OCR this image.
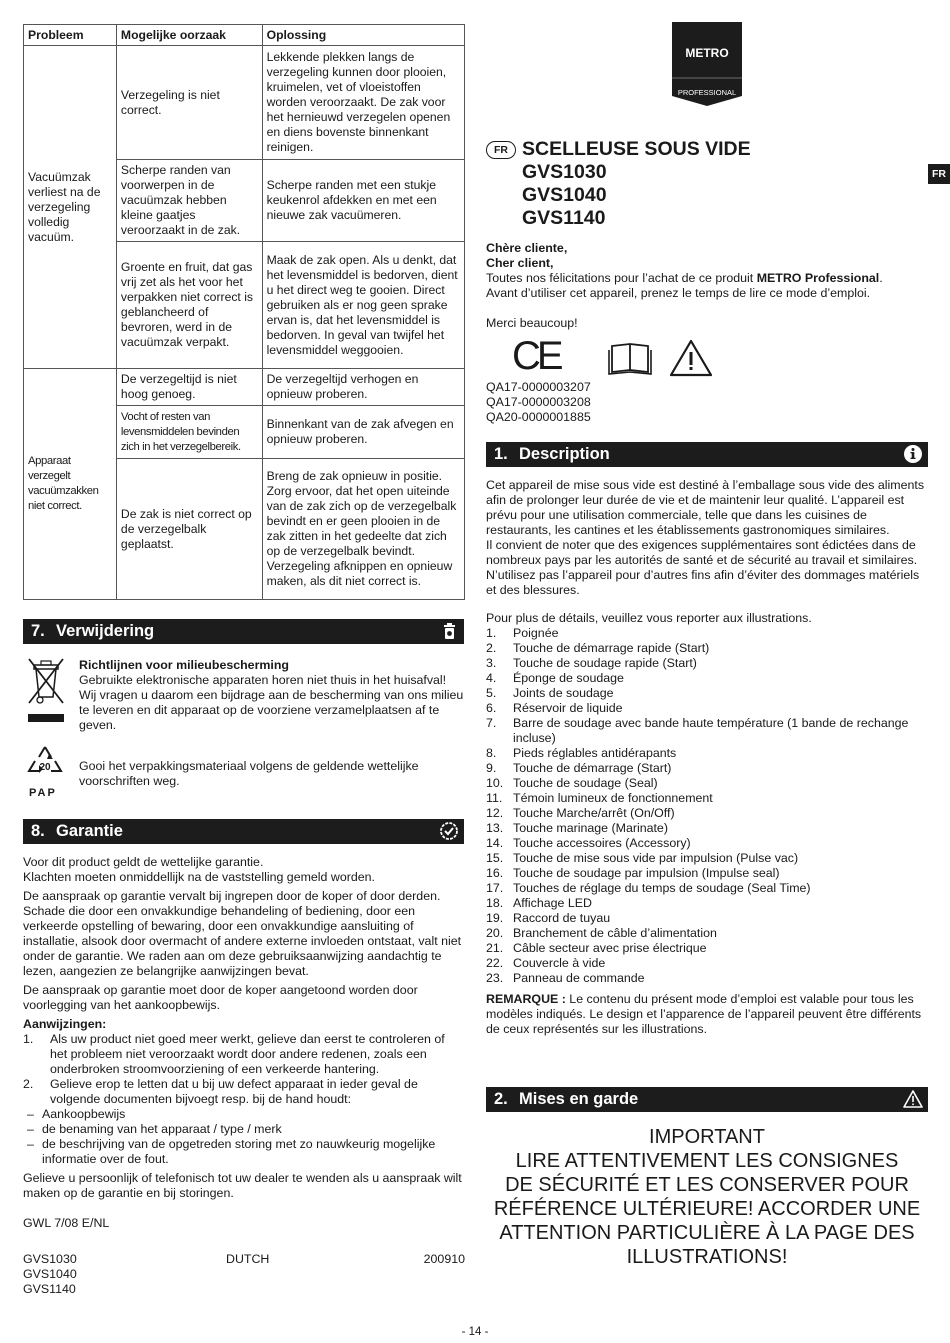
Probleem	Mogelijke oorzaak	Oplossing
Vacuümzak verliest na de verzegeling volledig vacuüm.	Verzegeling is niet correct.	Lekkende plekken langs de verzegeling kunnen door plooien, kruimelen, vet of vloeistoffen worden veroorzaakt. De zak voor het hernieuwd verzegelen openen en diens bovenste binnenkant reinigen.
	Scherpe randen van voorwerpen in de vacuümzak hebben kleine gaatjes veroorzaakt in de zak.	Scherpe randen met een stukje keukenrol afdekken en met een nieuwe zak vacuümeren.
	Groente en fruit, dat gas vrij zet als het voor het verpakken niet correct is geblancheerd of bevroren, werd in de vacuümzak verpakt.	Maak de zak open. Als u denkt, dat het levensmiddel is bedorven, dient u het direct weg te gooien. Direct gebruiken als er nog geen sprake ervan is, dat het levensmiddel is bedorven. In geval van twijfel het levensmiddel weggooien.
Apparaat verzegelt vacuümzakken niet correct.	De verzegeltijd is niet hoog genoeg.	De verzegeltijd verhogen en opnieuw proberen.
	Vocht of resten van levensmiddelen bevinden zich in het verzegelbereik.	Binnenkant van de zak afvegen en opnieuw proberen.
	De zak is niet correct op de verzegelbalk geplaatst.	Breng de zak opnieuw in positie. Zorg ervoor, dat het open uiteinde van de zak zich op de verzegelbalk bevindt en er geen plooien in de zak zitten in het gedeelte dat zich op de verzegelbalk bevindt. Verzegeling afknippen en opnieuw maken, als dit niet correct is.
7. Verwijdering
Richtlijnen voor milieubescherming
Gebruikte elektronische apparaten horen niet thuis in het huisafval! Wij vragen u daarom een bijdrage aan de bescherming van ons milieu te leveren en dit apparaat op de voorziene verzamelplaatsen af te geven.
20
PAP
Gooi het verpakkingsmateriaal volgens de geldende wettelijke voorschriften weg.
8. Garantie
Voor dit product geldt de wettelijke garantie.
Klachten moeten onmiddellijk na de vaststelling gemeld worden.
De aanspraak op garantie vervalt bij ingrepen door de koper of door derden. Schade die door een onvakkundige behandeling of bediening, door een verkeerde opstelling of bewaring, door een onvakkundige aansluiting of installatie, alsook door overmacht of andere externe invloeden ontstaat, valt niet onder de garantie. We raden aan om deze gebruiksaanwijzing aandachtig te lezen, aangezien ze belangrijke aanwijzingen bevat.
De aanspraak op garantie moet door de koper aangetoond worden door voorlegging van het aankoopbewijs.
Aanwijzingen:
1.	Als uw product niet goed meer werkt, gelieve dan eerst te controleren of het probleem niet veroorzaakt wordt door andere redenen, zoals een onderbroken stroomvoorziening of een verkeerde hantering.
2.	Gelieve erop te letten dat u bij uw defect apparaat in ieder geval de volgende documenten bijvoegt resp. bij de hand houdt:
– Aankoopbewijs
– de benaming van het apparaat / type / merk
– de beschrijving van de opgetreden storing met zo nauwkeurig mogelijke informatie over de fout.
Gelieve u persoonlijk of telefonisch tot uw dealer te wenden als u aanspraak wilt maken op de garantie en bij storingen.
GWL 7/08 E/NL
GVS1030
GVS1040
GVS1140
DUTCH	200910
METRO
PROFESSIONAL
FR SCELLEUSE SOUS VIDE
GVS1030
GVS1040
GVS1140
Chère cliente,
Cher client,
Toutes nos félicitations pour l’achat de ce produit METRO Professional.
Avant d’utiliser cet appareil, prenez le temps de lire ce mode d’emploi.
Merci beaucoup!
CE
QA17-0000003207
QA17-0000003208
QA20-0000001885
1. Description
Cet appareil de mise sous vide est destiné à l’emballage sous vide des aliments afin de prolonger leur durée de vie et de maintenir leur qualité. L’appareil est prévu pour une utilisation commerciale, telle que dans les cuisines de restaurants, les cantines et les établissements gastronomiques similaires.
Il convient de noter que des exigences supplémentaires sont édictées dans de nombreux pays par les autorités de santé et de sécurité au travail et similaires.
N’utilisez pas l’appareil pour d’autres fins afin d’éviter des dommages matériels et des blessures.
Pour plus de détails, veuillez vous reporter aux illustrations.
1.	Poignée
2.	Touche de démarrage rapide (Start)
3.	Touche de soudage rapide (Start)
4.	Éponge de soudage
5.	Joints de soudage
6.	Réservoir de liquide
7.	Barre de soudage avec bande haute température (1 bande de rechange incluse)
8.	Pieds réglables antidérapants
9.	Touche de démarrage (Start)
10. Touche de soudage (Seal)
11. Témoin lumineux de fonctionnement
12. Touche Marche/arrêt (On/Off)
13. Touche marinage (Marinate)
14. Touche accessoires (Accessory)
15. Touche de mise sous vide par impulsion (Pulse vac)
16. Touche de soudage par impulsion (Impulse seal)
17. Touches de réglage du temps de soudage (Seal Time)
18. Affichage LED
19. Raccord de tuyau
20. Branchement de câble d’alimentation
21. Câble secteur avec prise électrique
22. Couvercle à vide
23. Panneau de commande
REMARQUE : Le contenu du présent mode d’emploi est valable pour tous les modèles indiqués. Le design et l’apparence de l’appareil peuvent être différents de ceux représentés sur les illustrations.
2. Mises en garde
IMPORTANT
LIRE ATTENTIVEMENT LES CONSIGNES
DE SÉCURITÉ ET LES CONSERVER POUR
RÉFÉRENCE ULTÉRIEURE! ACCORDER UNE
ATTENTION PARTICULIÈRE À LA PAGE DES
ILLUSTRATIONS!
FR
- 14 -
